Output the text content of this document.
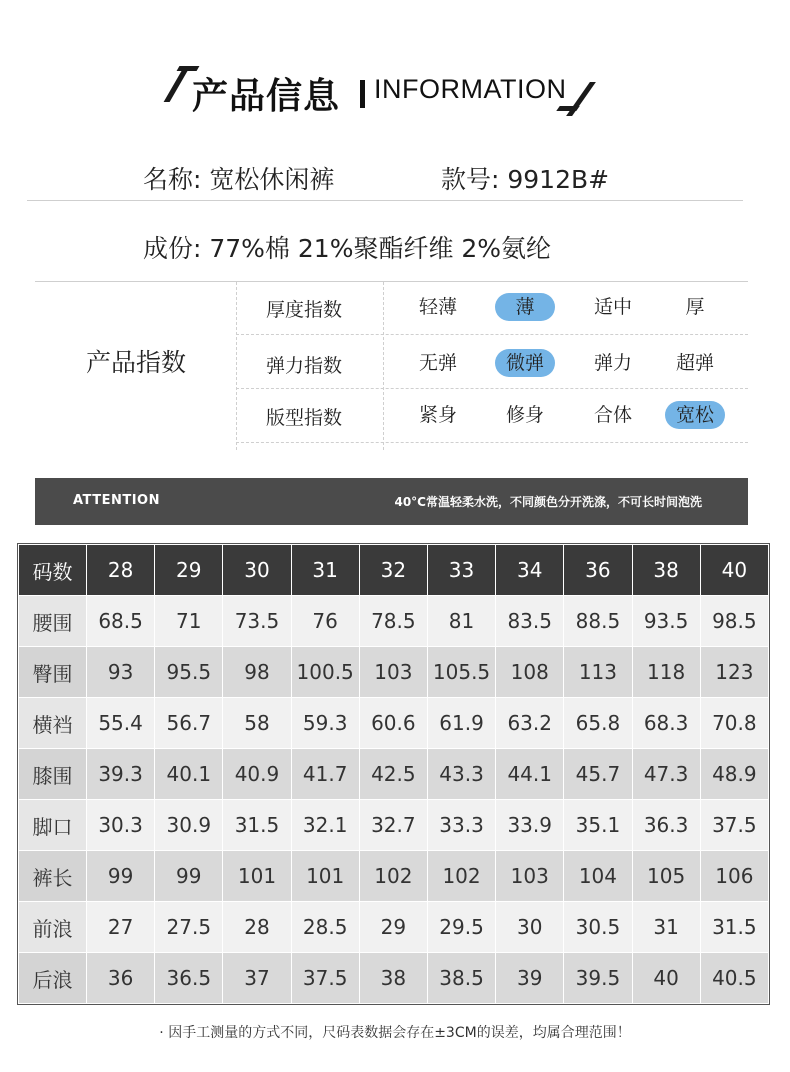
产品信息 INFORMATION
名称: 宽松休闲裤	款号: 9912B#
成份: 77%棉 21%聚酯纤维 2%氨纶
产品指数
厚度指数	轻薄	薄	适中	厚
弹力指数	无弹	微弹	弹力	超弹
版型指数	紧身	修身	合体	宽松
ATTENTION	40°C常温轻柔水洗，不同颜色分开洗涤，不可长时间泡洗
码数	28	29	30	31	32	33	34	36	38	40
腰围	68.5	71	73.5	76	78.5	81	83.5	88.5	93.5	98.5
臀围	93	95.5	98	100.5	103	105.5	108	113	118	123
横裆	55.4	56.7	58	59.3	60.6	61.9	63.2	65.8	68.3	70.8
膝围	39.3	40.1	40.9	41.7	42.5	43.3	44.1	45.7	47.3	48.9
脚口	30.3	30.9	31.5	32.1	32.7	33.3	33.9	35.1	36.3	37.5
裤长	99	99	101	101	102	102	103	104	105	106
前浪	27	27.5	28	28.5	29	29.5	30	30.5	31	31.5
后浪	36	36.5	37	37.5	38	38.5	39	39.5	40	40.5
· 因手工测量的方式不同，尺码表数据会存在±3CM的误差，均属合理范围！
